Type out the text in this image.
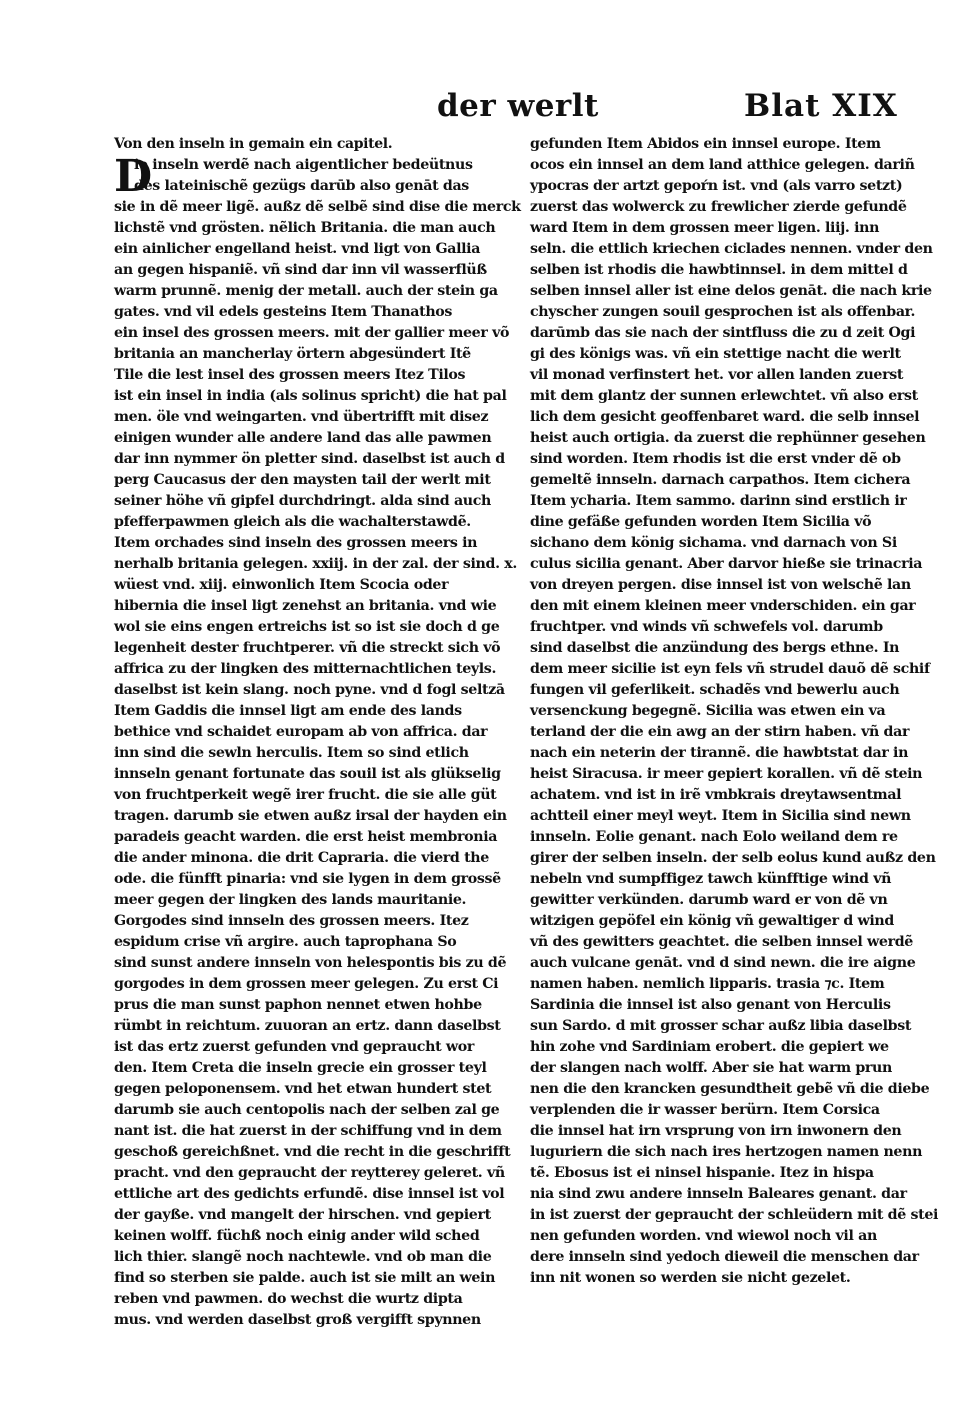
der werlt	Blat XIX
D
Von den inseln in gemain ein capitel.
ie inseln werdẽ nach aigentlicher bedeütnus
des lateinischẽ gezügs darūb also genāt das
sie in dẽ meer ligẽ. außz dẽ selbẽ sind dise die merck
lichstẽ vnd grösten. nẽlich Britania. die man auch
ein ainlicher engelland heist. vnd ligt von Gallia
an gegen hispaniẽ. vñ sind dar inn vil wasserflüß
warm prunnẽ. menig der metall. auch der stein ga
gates. vnd vil edels gesteins Item Thanathos
ein insel des grossen meers. mit der gallier meer võ
britania an mancherlay örtern abgesündert Itẽ
Tile die lest insel des grossen meers Itez Tilos
ist ein insel in india (als solinus spricht) die hat pal
men. öle vnd weingarten. vnd übertrifft mit disez
einigen wunder alle andere land das alle pawmen
dar inn nymmer ön pletter sind. daselbst ist auch d
perg Caucasus der den maysten tail der werlt mit
seiner höhe vñ gipfel durchdringt. alda sind auch
pfefferpawmen gleich als die wachalterstawdẽ.
Item orchades sind inseln des grossen meers in
nerhalb britania gelegen. xxiij. in der zal. der sind. x.
wüest vnd. xiij. einwonlich Item Scocia oder
hibernia die insel ligt zenehst an britania. vnd wie
wol sie eins engen ertreichs ist so ist sie doch d ge
legenheit dester fruchtperer. vñ die streckt sich võ
affrica zu der lingken des mitternachtlichen teyls.
daselbst ist kein slang. noch pyne. vnd d fogl seltzā
Item Gaddis die innsel ligt am ende des lands
bethice vnd schaidet europam ab von affrica. dar
inn sind die sewln herculis. Item so sind etlich
innseln genant fortunate das souil ist als glükselig
von fruchtperkeit wegẽ irer frucht. die sie alle güt
tragen. darumb sie etwen außz irsal der hayden ein
paradeis geacht warden. die erst heist membronia
die ander minona. die drit Capraria. die vierd the
ode. die fünfft pinaria: vnd sie lygen in dem grossẽ
meer gegen der lingken des lands mauritanie.
Gorgodes sind innseln des grossen meers. Itez
espidum crise vñ argire. auch taprophana So
sind sunst andere innseln von helespontis bis zu dẽ
gorgodes in dem grossen meer gelegen. Zu erst Ci
prus die man sunst paphon nennet etwen hohbe
rümbt in reichtum. zuuoran an ertz. dann daselbst
ist das ertz zuerst gefunden vnd gepraucht wor
den. Item Creta die inseln grecie ein grosser teyl
gegen peloponensem. vnd het etwan hundert stet
darumb sie auch centopolis nach der selben zal ge
nant ist. die hat zuerst in der schiffung vnd in dem
geschoß gereichßnet. vnd die recht in die geschrifft
pracht. vnd den gepraucht der reytterey geleret. vñ
ettliche art des gedichts erfundẽ. dise innsel ist vol
der gayße. vnd mangelt der hirschen. vnd gepiert
keinen wolff. füchß noch einig ander wild sched
lich thier. slangẽ noch nachtewle. vnd ob man die
find so sterben sie palde. auch ist sie milt an wein
reben vnd pawmen. do wechst die wurtz dipta
mus. vnd werden daselbst groß vergifft spynnen
gefunden Item Abidos ein innsel europe. Item
ocos ein innsel an dem land atthice gelegen. dariñ
ypocras der artzt gepoŕn ist. vnd (als varro setzt)
zuerst das wolwerck zu frewlicher zierde gefundẽ
ward Item in dem grossen meer ligen. liij. inn
seln. die ettlich kriechen ciclades nennen. vnder den
selben ist rhodis die hawbtinnsel. in dem mittel d
selben innsel aller ist eine delos genāt. die nach krie
chyscher zungen souil gesprochen ist als offenbar.
darūmb das sie nach der sintfluss die zu d zeit Ogi
gi des königs was. vñ ein stettige nacht die werlt
vil monad verfinstert het. vor allen landen zuerst
mit dem glantz der sunnen erlewchtet. vñ also erst
lich dem gesicht geoffenbaret ward. die selb innsel
heist auch ortigia. da zuerst die rephünner gesehen
sind worden. Item rhodis ist die erst vnder dẽ ob
gemeltẽ innseln. darnach carpathos. Item cichera
Item ycharia. Item sammo. darinn sind erstlich ir
dine gefäße gefunden worden Item Sicilia võ
sichano dem könig sichama. vnd darnach von Si
culus sicilia genant. Aber darvor hieße sie trinacria
von dreyen pergen. dise innsel ist von welschẽ lan
den mit einem kleinen meer vnderschiden. ein gar
fruchtper. vnd winds vñ schwefels vol. darumb
sind daselbst die anzündung des bergs ethne. In
dem meer sicilie ist eyn fels vñ strudel dauõ dẽ schif
fungen vil geferlikeit. schadẽs vnd bewerlu auch
versenckung begegnẽ. Sicilia was etwen ein va
terland der die ein awg an der stirn haben. vñ dar
nach ein neterin der tirannẽ. die hawbtstat dar in
heist Siracusa. ir meer gepiert korallen. vñ dẽ stein
achatem. vnd ist in irẽ vmbkrais dreytawsentmal
achtteil einer meyl weyt. Item in Sicilia sind newn
innseln. Eolie genant. nach Eolo weiland dem re
girer der selben inseln. der selb eolus kund außz den
nebeln vnd sumpffigez tawch künfftige wind vñ
gewitter verkünden. darumb ward er von dẽ vn
witzigen gepöfel ein könig vñ gewaltiger d wind
vñ des gewitters geachtet. die selben innsel werdẽ
auch vulcane genāt. vnd d sind newn. die ire aigne
namen haben. nemlich lipparis. trasia ⁊c. Item
Sardinia die innsel ist also genant von Herculis
sun Sardo. d mit grosser schar außz libia daselbst
hin zohe vnd Sardiniam erobert. die gepiert we
der slangen nach wolff. Aber sie hat warm prun
nen die den krancken gesundtheit gebẽ vñ die diebe
verplenden die ir wasser berürn. Item Corsica
die innsel hat irn vrsprung von irn inwonern den
luguriern die sich nach ires hertzogen namen nenn
tẽ. Ebosus ist ei ninsel hispanie. Itez in hispa
nia sind zwu andere innseln Baleares genant. dar
in ist zuerst der gepraucht der schleüdern mit dẽ stei
nen gefunden worden. vnd wiewol noch vil an
dere innseln sind yedoch dieweil die menschen dar
inn nit wonen so werden sie nicht gezelet.
